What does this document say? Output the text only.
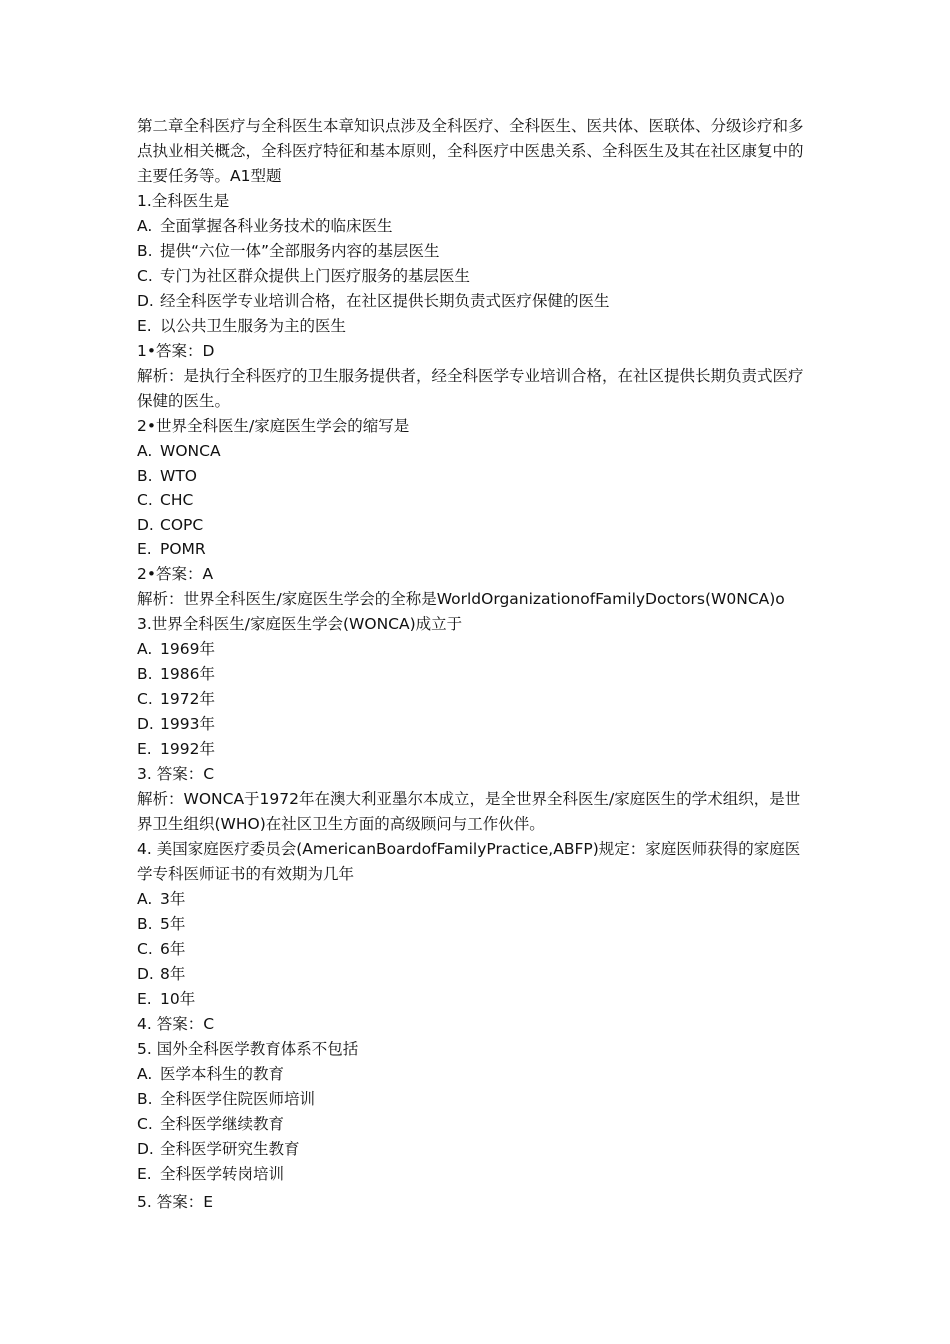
第二章全科医疗与全科医生本章知识点涉及全科医疗、全科医生、医共体、医联体、分级诊疗和多点执业相关概念，全科医疗特征和基本原则，全科医疗中医患关系、全科医生及其在社区康复中的主要任务等。A1型题

1.全科医生是

A. 全面掌握各科业务技术的临床医生

B. 提供“六位一体”全部服务内容的基层医生

C. 专门为社区群众提供上门医疗服务的基层医生

D. 经全科医学专业培训合格，在社区提供长期负责式医疗保健的医生

E. 以公共卫生服务为主的医生

1•答案：D

解析：是执行全科医疗的卫生服务提供者，经全科医学专业培训合格，在社区提供长期负责式医疗保健的医生。

2•世界全科医生/家庭医生学会的缩写是

A. WONCA

B. WTO

C. CHC

D. COPC

E. POMR

2•答案：A

解析：世界全科医生/家庭医生学会的全称是WorldOrganizationofFamilyDoctors(W0NCA)o

3.世界全科医生/家庭医生学会(WONCA)成立于

A. 1969年

B. 1986年

C. 1972年

D. 1993年

E. 1992年

3. 答案：C

解析：WONCA于1972年在澳大利亚墨尔本成立，是全世界全科医生/家庭医生的学术组织，是世界卫生组织(WHO)在社区卫生方面的高级顾问与工作伙伴。

4. 美国家庭医疗委员会(AmericanBoardofFamilyPractice,ABFP)规定：家庭医师获得的家庭医学专科医师证书的有效期为几年

A. 3年

B. 5年

C. 6年

D. 8年

E. 10年

4. 答案：C

5. 国外全科医学教育体系不包括

A. 医学本科生的教育

B. 全科医学住院医师培训

C. 全科医学继续教育

D. 全科医学研究生教育

E. 全科医学转岗培训

5. 答案：E
